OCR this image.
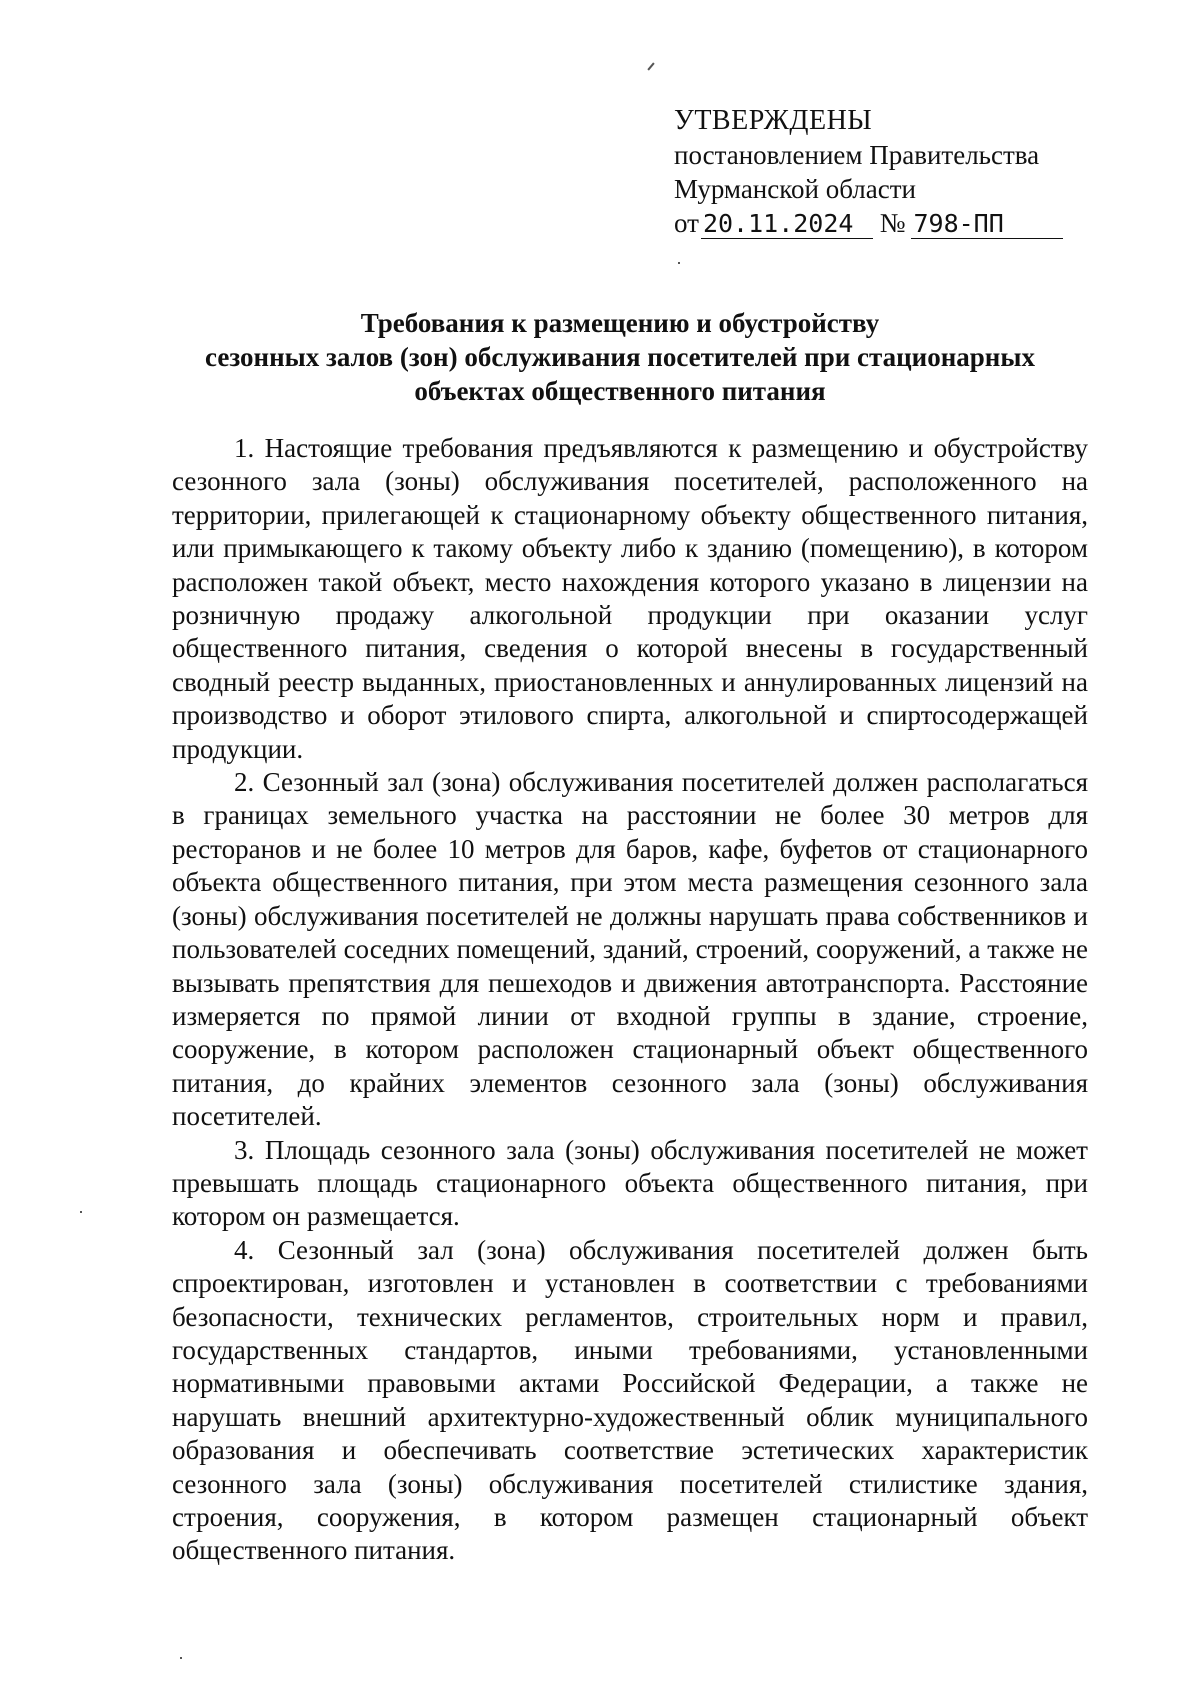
УТВЕРЖДЕНЫ
постановлением Правительства
Мурманской области
от 20.11.2024 № 798-ПП
Требования к размещению и обустройству
сезонных залов (зон) обслуживания посетителей при стационарных
объектах общественного питания

1. Настоящие требования предъявляются к размещению и обустройству сезонного зала (зоны) обслуживания посетителей, расположенного на территории, прилегающей к стационарному объекту общественного питания, или примыкающего к такому объекту либо к зданию (помещению), в котором расположен такой объект, место нахождения которого указано в лицензии на розничную продажу алкогольной продукции при оказании услуг общественного питания, сведения о которой внесены в государственный сводный реестр выданных, приостановленных и аннулированных лицензий на производство и оборот этилового спирта, алкогольной и спиртосодержащей продукции.

2. Сезонный зал (зона) обслуживания посетителей должен располагаться в границах земельного участка на расстоянии не более 30 метров для ресторанов и не более 10 метров для баров, кафе, буфетов от стационарного объекта общественного питания, при этом места размещения сезонного зала (зоны) обслуживания посетителей не должны нарушать права собственников и пользователей соседних помещений, зданий, строений, сооружений, а также не вызывать препятствия для пешеходов и движения автотранспорта. Расстояние измеряется по прямой линии от входной группы в здание, строение, сооружение, в котором расположен стационарный объект общественного питания, до крайних элементов сезонного зала (зоны) обслуживания посетителей.

3. Площадь сезонного зала (зоны) обслуживания посетителей не может превышать площадь стационарного объекта общественного питания, при котором он размещается.

4. Сезонный зал (зона) обслуживания посетителей должен быть спроектирован, изготовлен и установлен в соответствии с требованиями безопасности, технических регламентов, строительных норм и правил, государственных стандартов, иными требованиями, установленными нормативными правовыми актами Российской Федерации, а также не нарушать внешний архитектурно-художественный облик муниципального образования и обеспечивать соответствие эстетических характеристик сезонного зала (зоны) обслуживания посетителей стилистике здания, строения, сооружения, в котором размещен стационарный объект общественного питания.
